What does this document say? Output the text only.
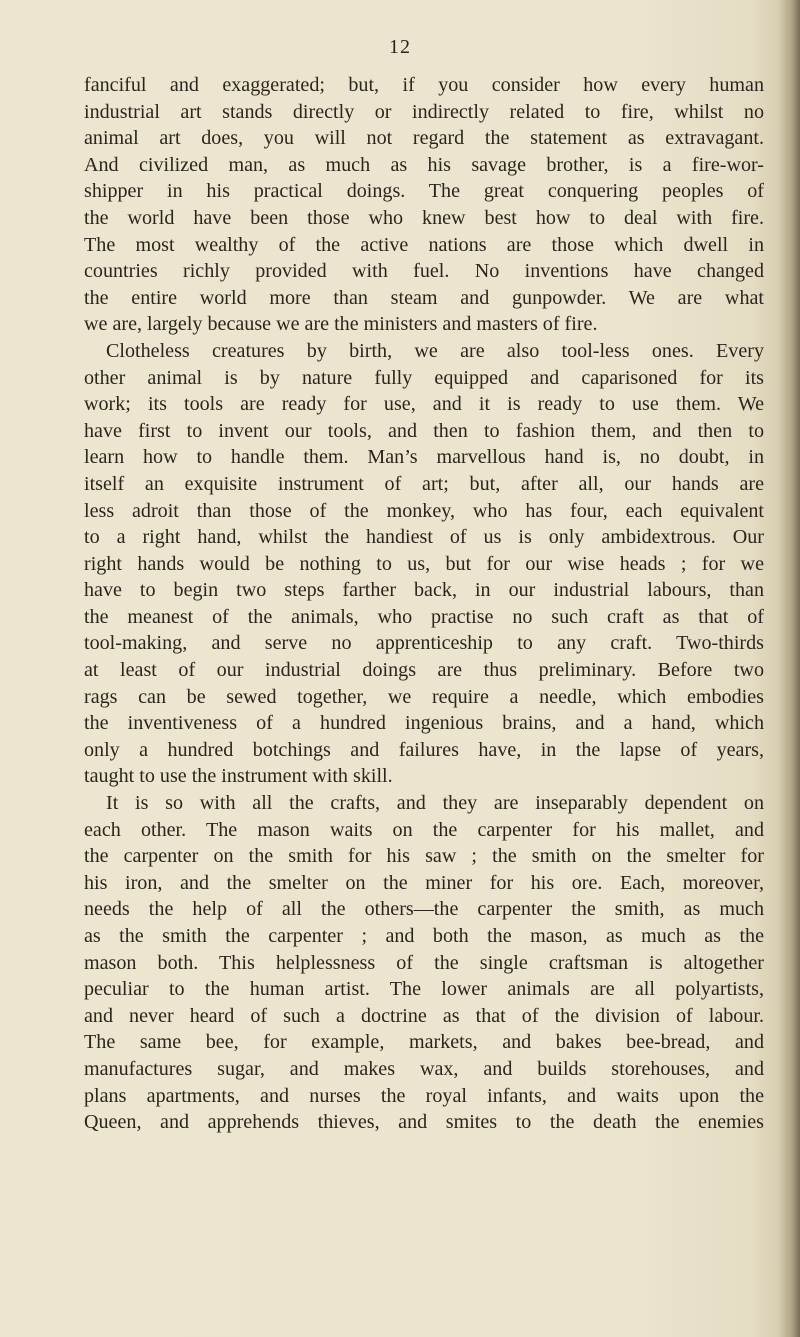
12
fanciful and exaggerated; but, if you consider how every human
industrial art stands directly or indirectly related to fire, whilst no
animal art does, you will not regard the statement as extravagant.
And civilized man, as much as his savage brother, is a fire-wor-
shipper in his practical doings. The great conquering peoples of
the world have been those who knew best how to deal with fire.
The most wealthy of the active nations are those which dwell in
countries richly provided with fuel. No inventions have changed
the entire world more than steam and gunpowder. We are what
we are, largely because we are the ministers and masters of fire.
Clotheless creatures by birth, we are also tool-less ones. Every
other animal is by nature fully equipped and caparisoned for its
work; its tools are ready for use, and it is ready to use them. We
have first to invent our tools, and then to fashion them, and then to
learn how to handle them. Man’s marvellous hand is, no doubt, in
itself an exquisite instrument of art; but, after all, our hands are
less adroit than those of the monkey, who has four, each equivalent
to a right hand, whilst the handiest of us is only ambidextrous. Our
right hands would be nothing to us, but for our wise heads ; for we
have to begin two steps farther back, in our industrial labours, than
the meanest of the animals, who practise no such craft as that of
tool-making, and serve no apprenticeship to any craft. Two-thirds
at least of our industrial doings are thus preliminary. Before two
rags can be sewed together, we require a needle, which embodies
the inventiveness of a hundred ingenious brains, and a hand, which
only a hundred botchings and failures have, in the lapse of years,
taught to use the instrument with skill.
It is so with all the crafts, and they are inseparably dependent on
each other. The mason waits on the carpenter for his mallet, and
the carpenter on the smith for his saw ; the smith on the smelter for
his iron, and the smelter on the miner for his ore. Each, moreover,
needs the help of all the others—the carpenter the smith, as much
as the smith the carpenter ; and both the mason, as much as the
mason both. This helplessness of the single craftsman is altogether
peculiar to the human artist. The lower animals are all polyartists,
and never heard of such a doctrine as that of the division of labour.
The same bee, for example, markets, and bakes bee-bread, and
manufactures sugar, and makes wax, and builds storehouses, and
plans apartments, and nurses the royal infants, and waits upon the
Queen, and apprehends thieves, and smites to the death the enemies
